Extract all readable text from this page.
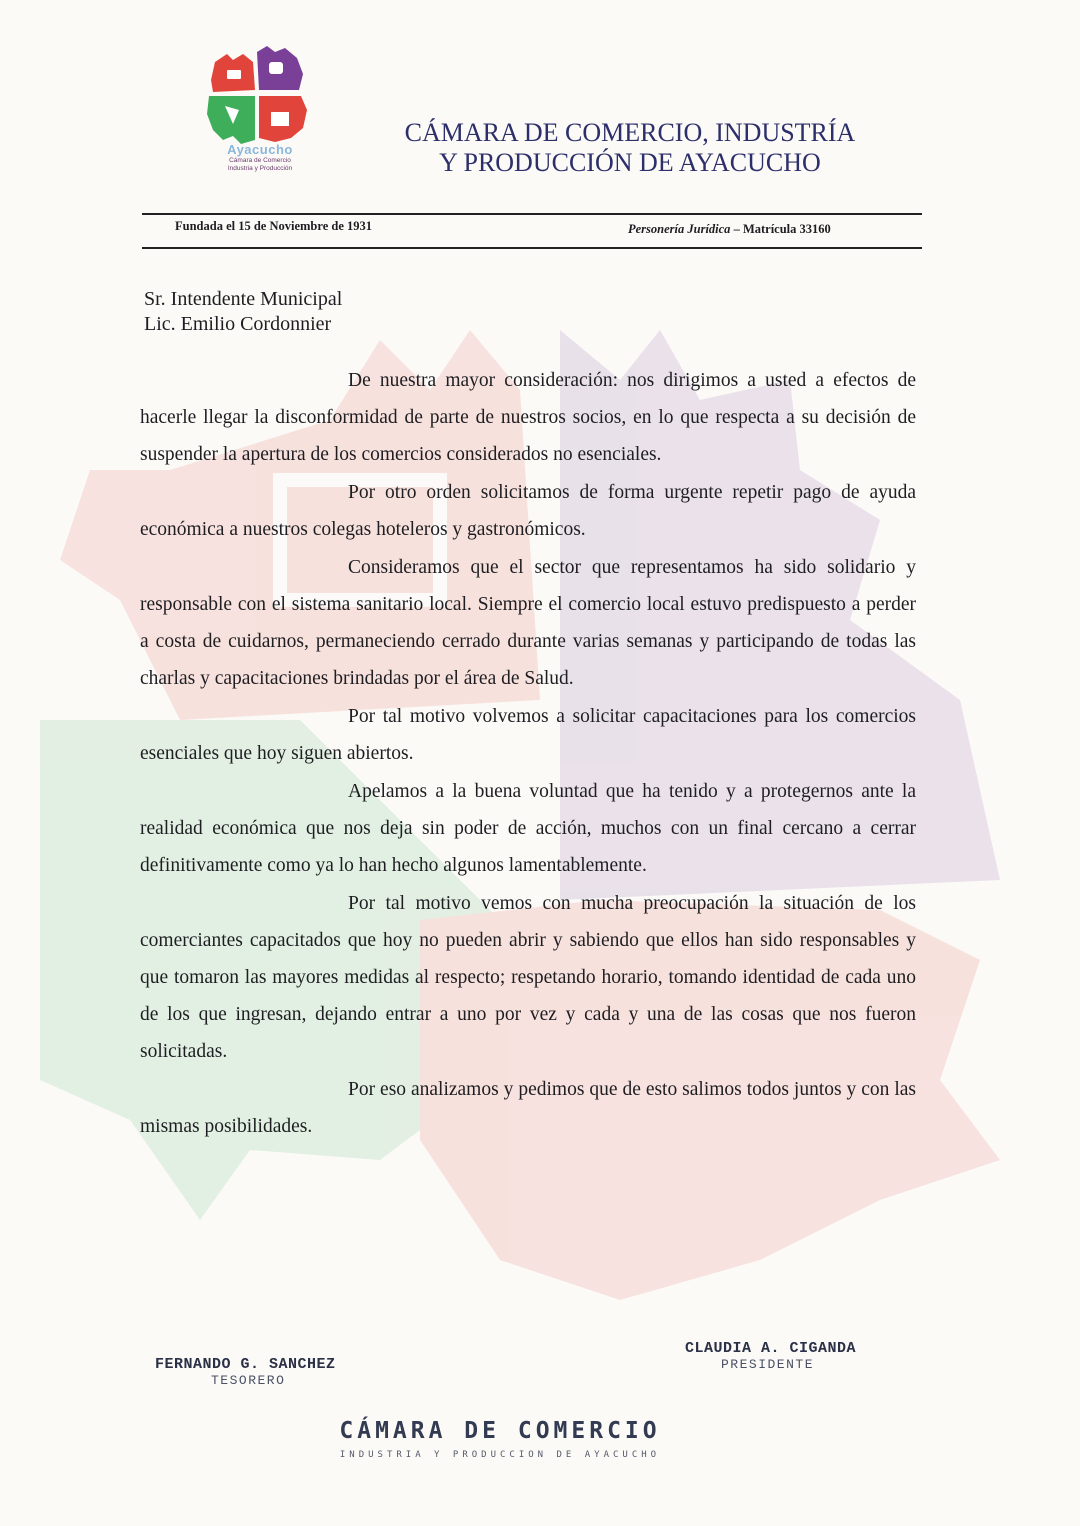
Ayacucho
Cámara de Comercio
Industria y Producción
CÁMARA DE COMERCIO, INDUSTRÍA
Y PRODUCCIÓN DE AYACUCHO
Fundada el 15 de Noviembre de 1931	Personería Jurídica – Matrícula 33160
Sr. Intendente Municipal
Lic. Emilio Cordonnier

De nuestra mayor consideración: nos dirigimos a usted a efectos de hacerle llegar la disconformidad de parte de nuestros socios, en lo que respecta a su decisión de suspender la apertura de los comercios considerados no esenciales.

Por otro orden solicitamos de forma urgente repetir pago de ayuda económica a nuestros colegas hoteleros y gastronómicos.

Consideramos que el sector que representamos ha sido solidario y responsable con el sistema sanitario local. Siempre el comercio local estuvo predispuesto a perder a costa de cuidarnos, permaneciendo cerrado durante varias semanas y participando de todas las charlas y capacitaciones brindadas por el área de Salud.

Por tal motivo volvemos a solicitar capacitaciones para los comercios esenciales que hoy siguen abiertos.

Apelamos a la buena voluntad que ha tenido y a protegernos ante la realidad económica que nos deja sin poder de acción, muchos con un final cercano a cerrar definitivamente como ya lo han hecho algunos lamentablemente.

Por tal motivo vemos con mucha preocupación la situación de los comerciantes capacitados que hoy no pueden abrir y sabiendo que ellos han sido responsables y que tomaron las mayores medidas al respecto; respetando horario, tomando identidad de cada uno de los que ingresan, dejando entrar a uno por vez y cada y una de las cosas que nos fueron solicitadas.

Por eso analizamos y pedimos que de esto salimos todos juntos y con las mismas posibilidades.

FERNANDO G. SANCHEZ
TESORERO
CLAUDIA A. CIGANDA
PRESIDENTE
CÁMARA DE COMERCIO
INDUSTRIA Y PRODUCCION DE AYACUCHO
